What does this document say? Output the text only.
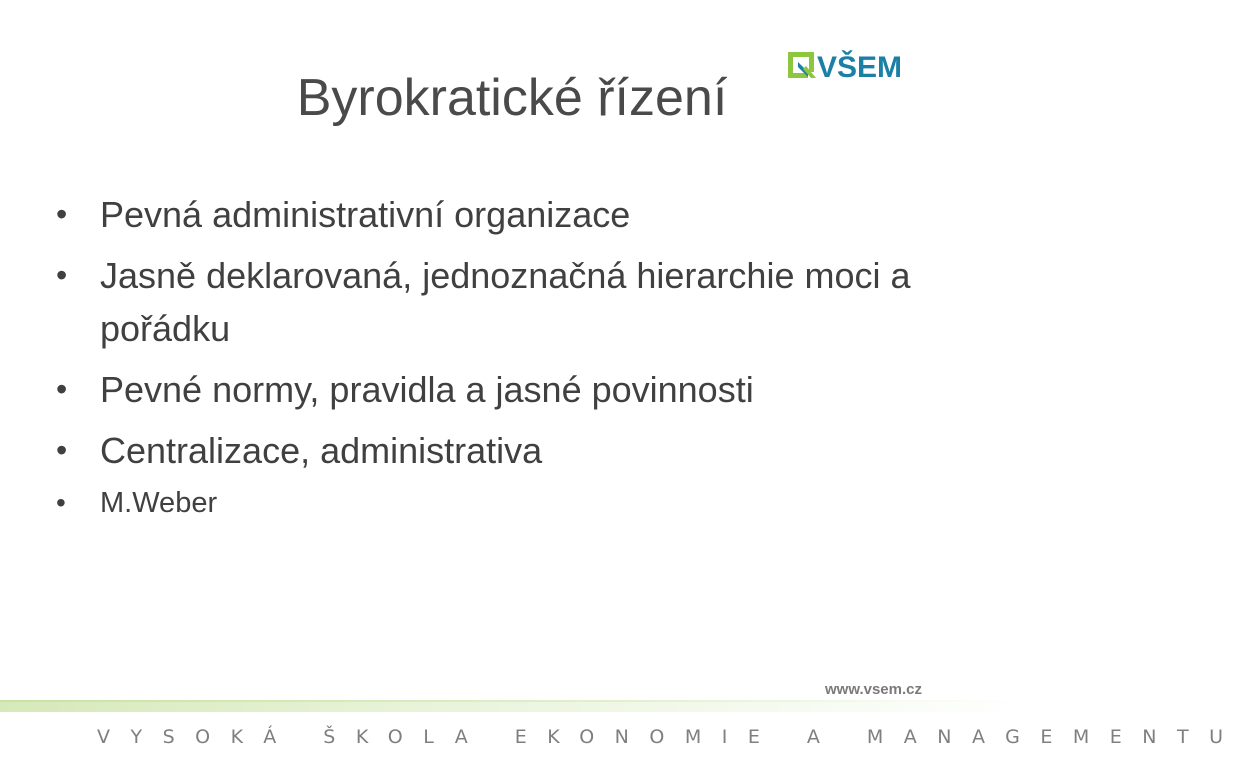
Byrokratické řízení
VŠEM
• Pevná administrativní organizace
• Jasně deklarovaná, jednoznačná hierarchie moci a pořádku
• Pevné normy, pravidla a jasné povinnosti
• Centralizace, administrativa
• M.Weber
www.vsem.cz
VYSOKÁ ŠKOLA EKONOMIE A MANAGEMENTU
